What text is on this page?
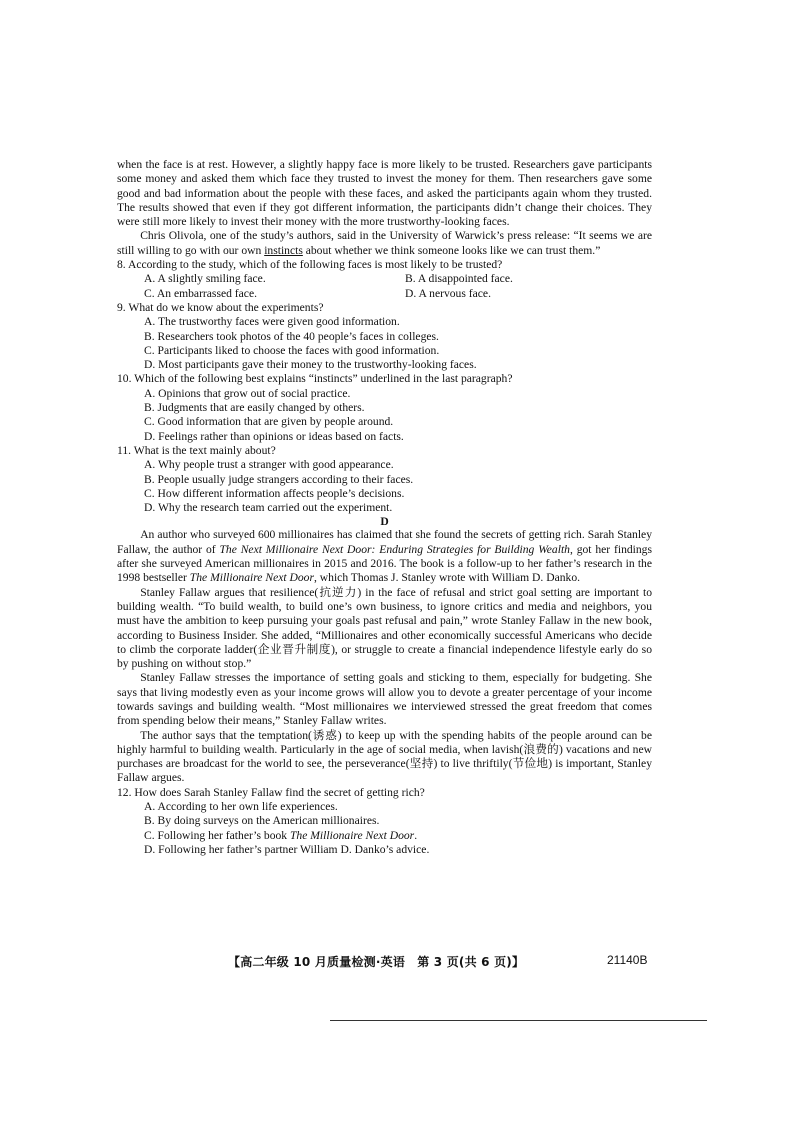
when the face is at rest. However, a slightly happy face is more likely to be trusted. Researchers gave participants some money and asked them which face they trusted to invest the money for them. Then researchers gave some good and bad information about the people with these faces, and asked the participants again whom they trusted. The results showed that even if they got different information, the participants didn’t change their choices. They were still more likely to invest their money with the more trustworthy-looking faces.

Chris Olivola, one of the study’s authors, said in the University of Warwick’s press release: “It seems we are still willing to go with our own instincts about whether we think someone looks like we can trust them.”

8. According to the study, which of the following faces is most likely to be trusted?

A. A slightly smiling face.	B. A disappointed face.
C. An embarrassed face.	D. A nervous face.

9. What do we know about the experiments?

A. The trustworthy faces were given good information.

B. Researchers took photos of the 40 people’s faces in colleges.

C. Participants liked to choose the faces with good information.

D. Most participants gave their money to the trustworthy-looking faces.

10. Which of the following best explains “instincts” underlined in the last paragraph?

A. Opinions that grow out of social practice.

B. Judgments that are easily changed by others.

C. Good information that are given by people around.

D. Feelings rather than opinions or ideas based on facts.

11. What is the text mainly about?

A. Why people trust a stranger with good appearance.

B. People usually judge strangers according to their faces.

C. How different information affects people’s decisions.

D. Why the research team carried out the experiment.

D

An author who surveyed 600 millionaires has claimed that she found the secrets of getting rich. Sarah Stanley Fallaw, the author of The Next Millionaire Next Door: Enduring Strategies for Building Wealth, got her findings after she surveyed American millionaires in 2015 and 2016. The book is a follow-up to her father’s research in the 1998 bestseller The Millionaire Next Door, which Thomas J. Stanley wrote with William D. Danko.

Stanley Fallaw argues that resilience(抗逆力) in the face of refusal and strict goal setting are important to building wealth. “To build wealth, to build one’s own business, to ignore critics and media and neighbors, you must have the ambition to keep pursuing your goals past refusal and pain,” wrote Stanley Fallaw in the new book, according to Business Insider. She added, “Millionaires and other economically successful Americans who decide to climb the corporate ladder(企业晋升制度), or struggle to create a financial independence lifestyle early do so by pushing on without stop.”

Stanley Fallaw stresses the importance of setting goals and sticking to them, especially for budgeting. She says that living modestly even as your income grows will allow you to devote a greater percentage of your income towards savings and building wealth. “Most millionaires we interviewed stressed the great freedom that comes from spending below their means,” Stanley Fallaw writes.

The author says that the temptation(诱惑) to keep up with the spending habits of the people around can be highly harmful to building wealth. Particularly in the age of social media, when lavish(浪费的) vacations and new purchases are broadcast for the world to see, the perseverance(坚持) to live thriftily(节俭地) is important, Stanley Fallaw argues.

12. How does Sarah Stanley Fallaw find the secret of getting rich?

A. According to her own life experiences.

B. By doing surveys on the American millionaires.

C. Following her father’s book The Millionaire Next Door.

D. Following her father’s partner William D. Danko’s advice.

【高二年级 10 月质量检测·英语　第 3 页(共 6 页)】	21140B
